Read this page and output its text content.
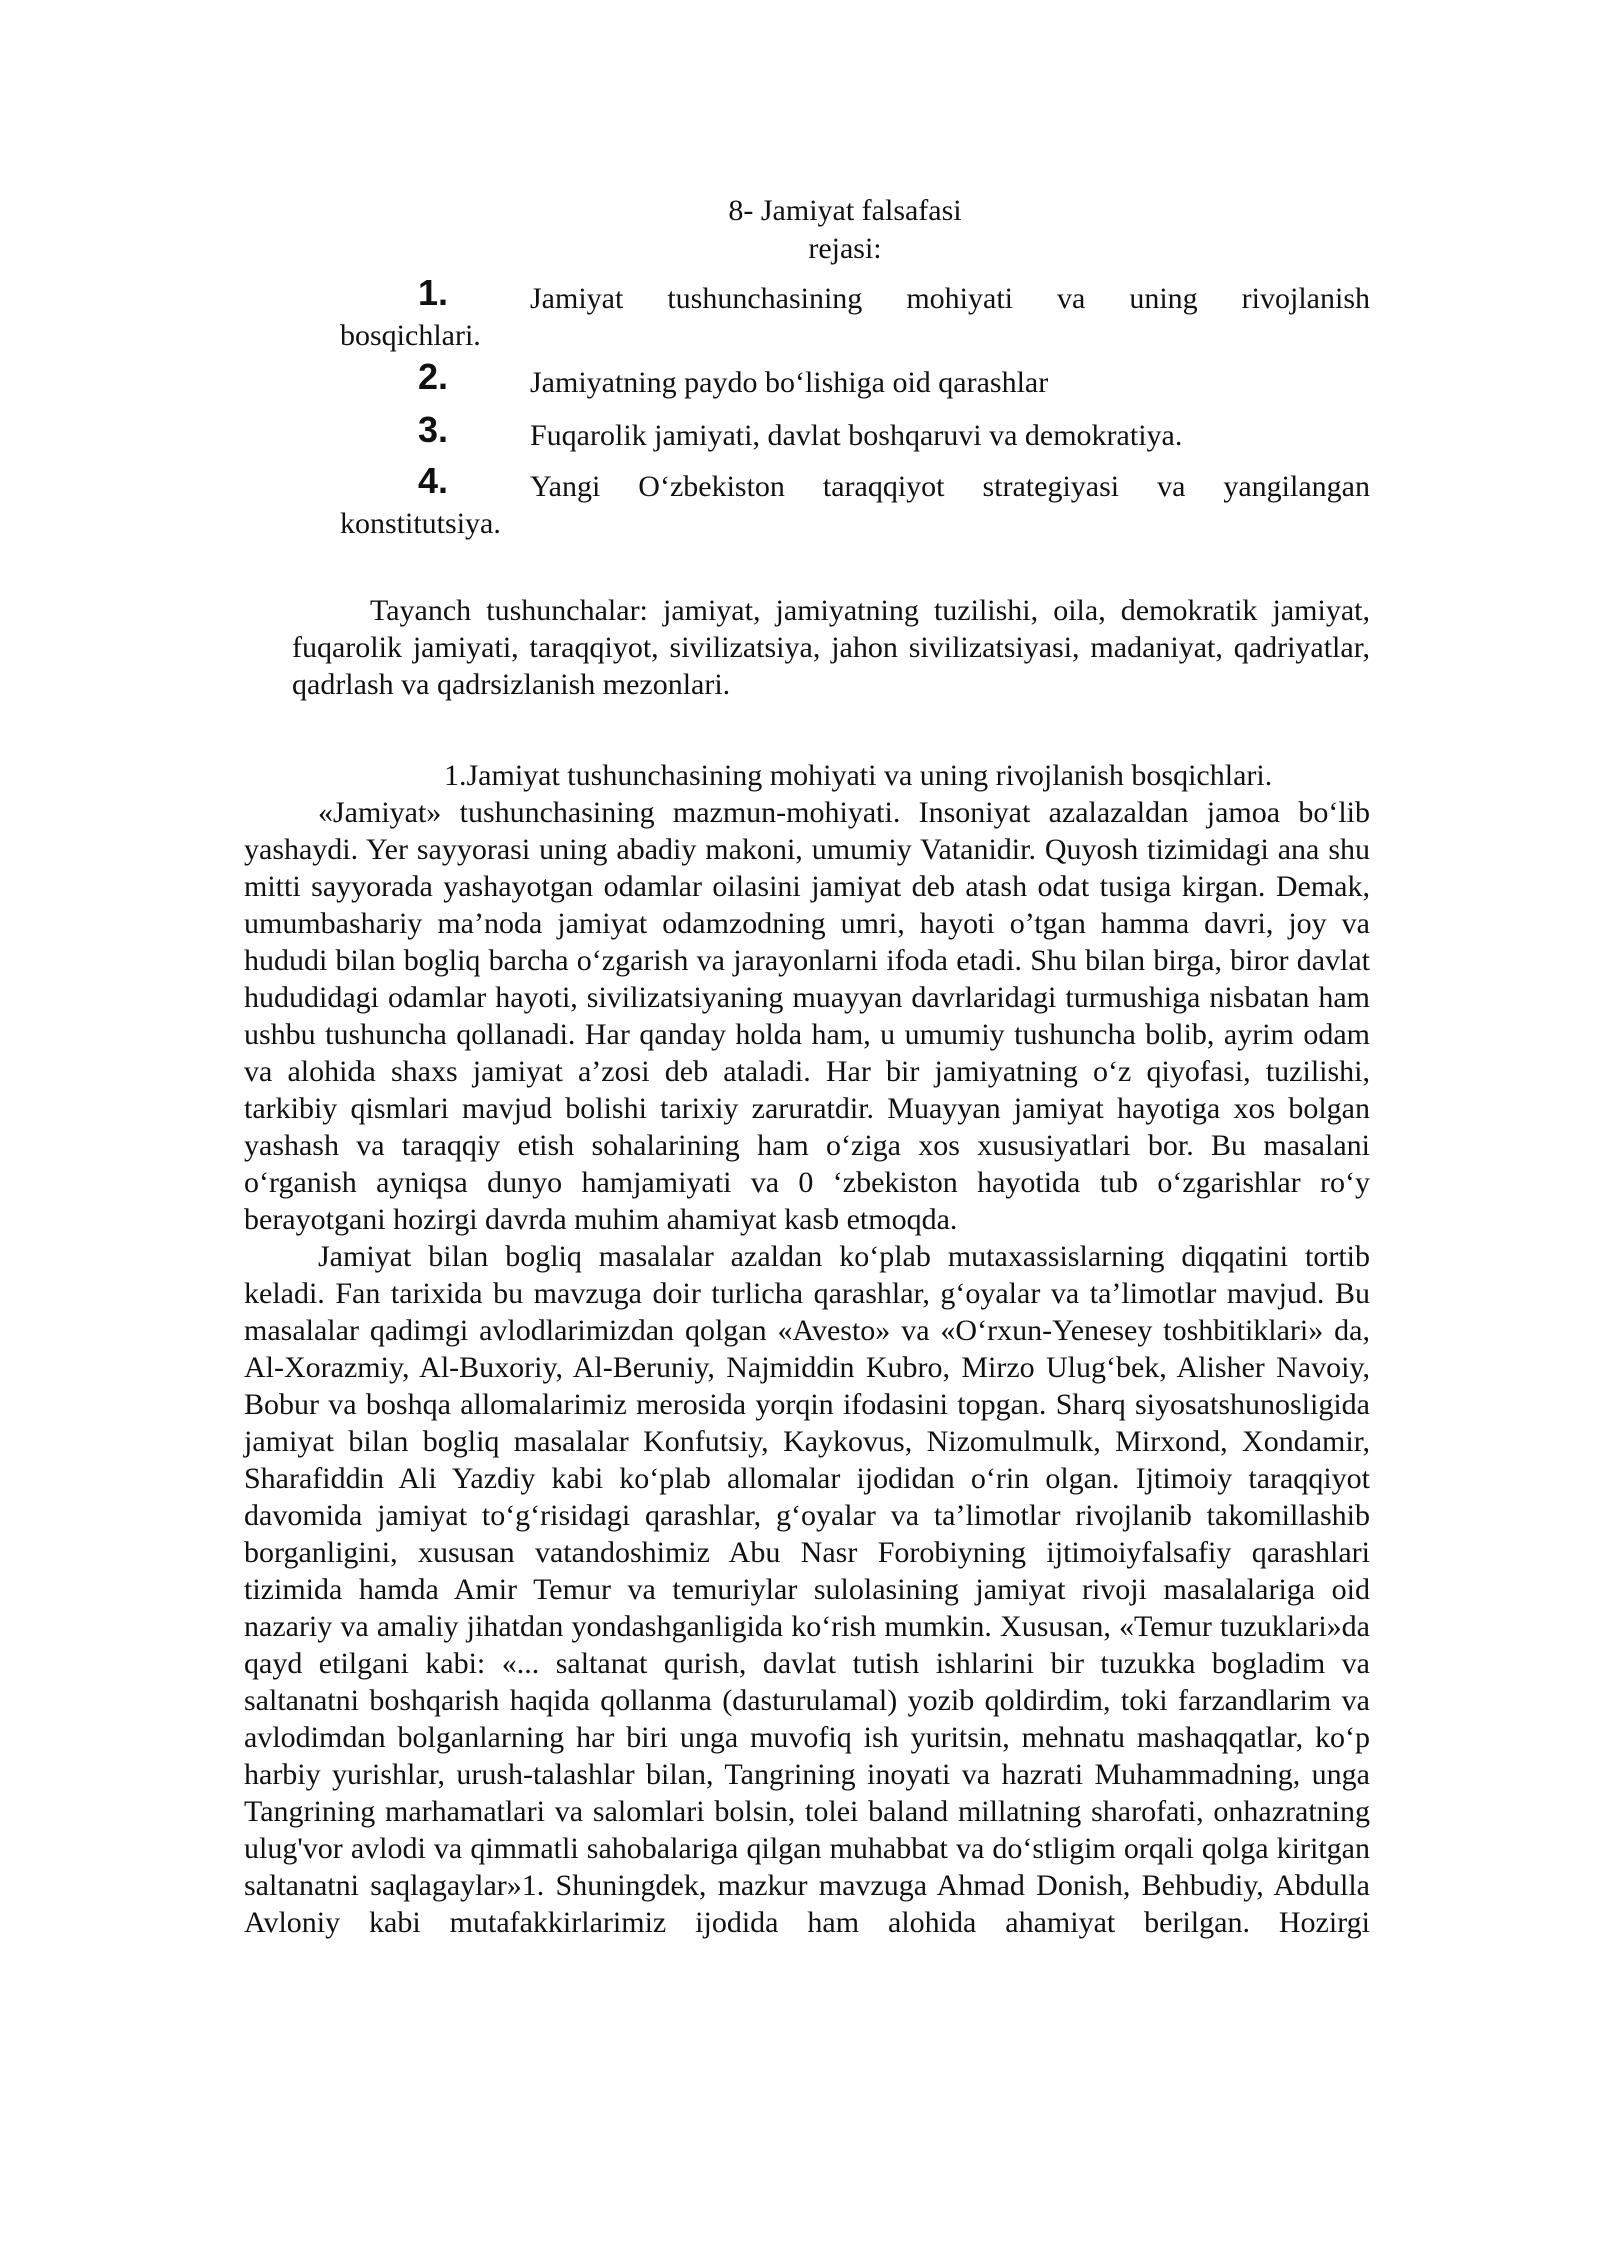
8- Jamiyat falsafasi
rejasi:
1.	Jamiyat tushunchasining mohiyati va uning rivojlanish
bosqichlari.
2.	Jamiyatning paydo bo‘lishiga oid qarashlar
3.	Fuqarolik jamiyati, davlat boshqaruvi va demokratiya.
4.	Yangi O‘zbekiston taraqqiyot strategiyasi va yangilangan
konstitutsiya.
Tayanch tushunchalar: jamiyat, jamiyatning tuzilishi, oila, demokratik jamiyat, fuqarolik jamiyati, taraqqiyot, sivilizatsiya, jahon sivilizatsiyasi, madaniyat, qadriyatlar, qadrlash va qadrsizlanish mezonlari.
1.Jamiyat tushunchasining mohiyati va uning rivojlanish bosqichlari.

«Jamiyat» tushunchasining mazmun-mohiyati. Insoniyat azalazaldan jamoa bo‘lib yashaydi. Yer sayyorasi uning abadiy makoni, umumiy Vatanidir. Quyosh tizimidagi ana shu mitti sayyorada yashayotgan odamlar oilasini jamiyat deb atash odat tusiga kirgan. Demak, umumbashariy ma’noda jamiyat odamzodning umri, hayoti o’tgan hamma davri, joy va hududi bilan bogliq barcha o‘zgarish va jarayonlarni ifoda etadi. Shu bilan birga, biror davlat hududidagi odamlar hayoti, sivilizatsiyaning muayyan davrlaridagi turmushiga nisbatan ham ushbu tushuncha qollanadi. Har qanday holda ham, u umumiy tushuncha bolib, ayrim odam va alohida shaxs jamiyat a’zosi deb ataladi. Har bir jamiyatning o‘z qiyofasi, tuzilishi, tarkibiy qismlari mavjud bolishi tarixiy zaruratdir. Muayyan jamiyat hayotiga xos bolgan yashash va taraqqiy etish sohalarining ham o‘ziga xos xususiyatlari bor. Bu masalani o‘rganish ayniqsa dunyo hamjamiyati va 0 ‘zbekiston hayotida tub o‘zgarishlar ro‘y berayotgani hozirgi davrda muhim ahamiyat kasb etmoqda.

Jamiyat bilan bogliq masalalar azaldan ko‘plab mutaxassislarning diqqatini tortib keladi. Fan tarixida bu mavzuga doir turlicha qarashlar, g‘oyalar va ta’limotlar mavjud. Bu masalalar qadimgi avlodlarimizdan qolgan «Avesto» va «O‘rxun-Yenesey toshbitiklari» da, Al-Xorazmiy, Al-Buxoriy, Al-Beruniy, Najmiddin Kubro, Mirzo Ulug‘bek, Alisher Navoiy, Bobur va boshqa allomalarimiz merosida yorqin ifodasini topgan. Sharq siyosatshunosligida jamiyat bilan bogliq masalalar Konfutsiy, Kaykovus, Nizomulmulk, Mirxond, Xondamir, Sharafiddin Ali Yazdiy kabi ko‘plab allomalar ijodidan o‘rin olgan. Ijtimoiy taraqqiyot davomida jamiyat to‘g‘risidagi qarashlar, g‘oyalar va ta’limotlar rivojlanib takomillashib borganligini, xususan vatandoshimiz Abu Nasr Forobiyning ijtimoiyfalsafiy qarashlari tizimida hamda Amir Temur va temuriylar sulolasining jamiyat rivoji masalalariga oid nazariy va amaliy jihatdan yondashganligida ko‘rish mumkin. Xususan, «Temur tuzuklari»da qayd etilgani kabi: «... saltanat qurish, davlat tutish ishlarini bir tuzukka bogladim va saltanatni boshqarish haqida qollanma (dasturulamal) yozib qoldirdim, toki farzandlarim va avlodimdan bolganlarning har biri unga muvofiq ish yuritsin, mehnatu mashaqqatlar, ko‘p harbiy yurishlar, urush-talashlar bilan, Tangrining inoyati va hazrati Muhammadning, unga Tangrining marhamatlari va salomlari bolsin, tolei baland millatning sharofati, onhazratning ulug'vor avlodi va qimmatli sahobalariga qilgan muhabbat va do‘stligim orqali qolga kiritgan saltanatni saqlagaylar»1. Shuningdek, mazkur mavzuga Ahmad Donish, Behbudiy, Abdulla Avloniy kabi mutafakkirlarimiz ijodida ham alohida ahamiyat berilgan. Hozirgi
